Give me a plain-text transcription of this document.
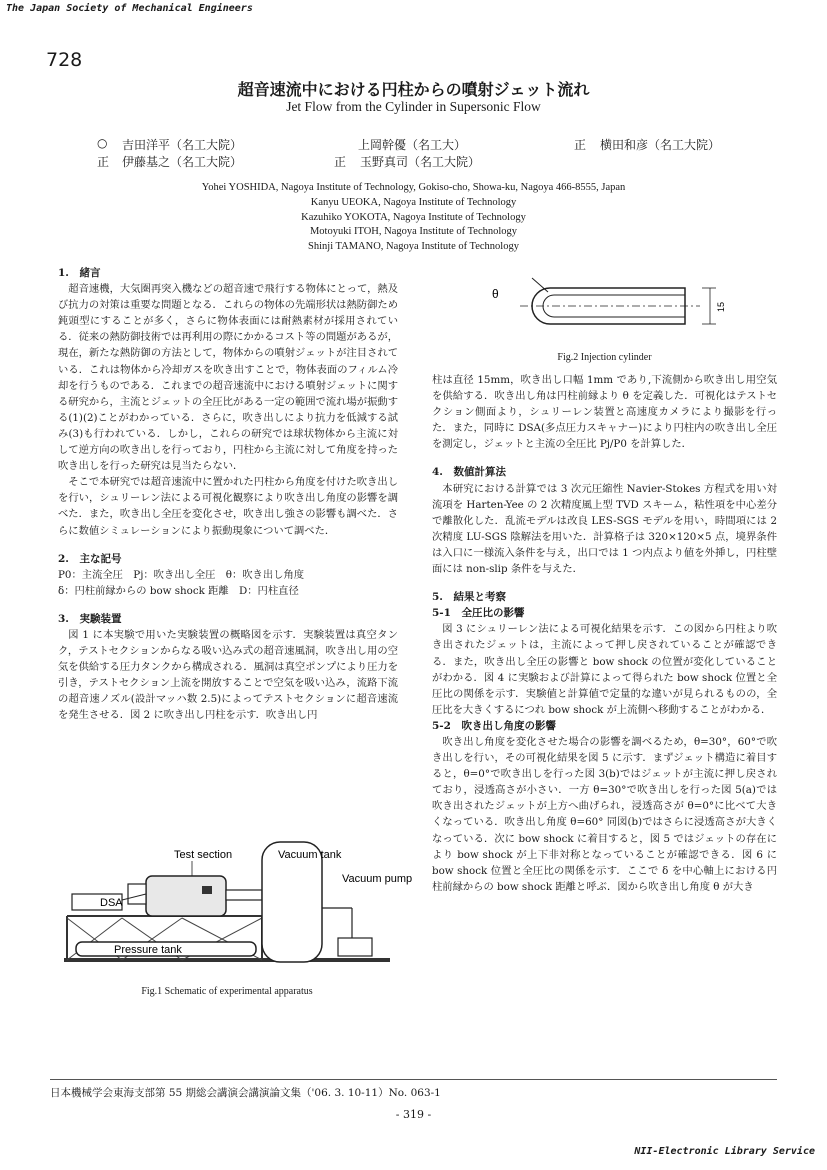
The Japan Society of Mechanical Engineers
728
超音速流中における円柱からの噴射ジェット流れ
Jet Flow from the Cylinder in Supersonic Flow
○ 吉田洋平（名工大院）	上岡幹優（名工大）	正 横田和彦（名工大院）
正 伊藤基之（名工大院）	正 玉野真司（名工大院）
Yohei YOSHIDA, Nagoya Institute of Technology, Gokiso-cho, Showa-ku, Nagoya 466-8555, Japan
Kanyu UEOKA, Nagoya Institute of Technology
Kazuhiko YOKOTA, Nagoya Institute of Technology
Motoyuki ITOH, Nagoya Institute of Technology
Shinji TAMANO, Nagoya Institute of Technology

1.　緒言

超音速機，大気圏再突入機などの超音速で飛行する物体にとって，熱及び抗力の対策は重要な問題となる．これらの物体の先端形状は熱防御ため鈍頭型にすることが多く，さらに物体表面には耐熱素材が採用されている．従来の熱防御技術では再利用の際にかかるコスト等の問題があるが，現在，新たな熱防御の方法として，物体からの噴射ジェットが注目されている．これは物体から冷却ガスを吹き出すことで，物体表面のフィルム冷却を行うものである．これまでの超音速流中における噴射ジェットに関する研究から，主流とジェットの全圧比がある一定の範囲で流れ場が振動する(1)(2)ことがわかっている．さらに，吹き出しにより抗力を低減する試み(3)も行われている．しかし，これらの研究では球状物体から主流に対して逆方向の吹き出しを行っており，円柱から主流に対して角度を持った吹き出しを行った研究は見当たらない．

そこで本研究では超音速流中に置かれた円柱から角度を付けた吹き出しを行い，シュリーレン法による可視化観察により吹き出し角度の影響を調べた．また，吹き出し全圧を変化させ，吹き出し強さの影響も調べた．さらに数値シミュレーションにより振動現象について調べた．

2.　主な記号

P0：主流全圧　Pj：吹き出し全圧　θ：吹き出し角度

δ：円柱前縁からの bow shock 距離　D：円柱直径

3.　実験装置

図 1 に本実験で用いた実験装置の概略図を示す．実験装置は真空タンク，テストセクションからなる吸い込み式の超音速風洞，吹き出し用の空気を供給する圧力タンクから構成される．風洞は真空ポンプにより圧力を引き，テストセクション上流を開放することで空気を吸い込み，流路下流の超音速ノズル(設計マッハ数 2.5)によってテストセクションに超音速流を発生させる．図 2 に吹き出し円柱を示す．吹き出し円

Test section	Vacuum tank
Vacuum pump
DSA
Pressure tank
Fig.1 Schematic of experimental apparatus
θ
15
Fig.2 Injection cylinder

柱は直径 15mm，吹き出し口幅 1mm であり,下流側から吹き出し用空気を供給する．吹き出し角は円柱前縁より θ を定義した．可視化はテストセクション側面より，シュリーレン装置と高速度カメラにより撮影を行った．また，同時に DSA(多点圧力スキャナー)により円柱内の吹き出し全圧を測定し，ジェットと主流の全圧比 Pj/P0 を計算した．

4.　数値計算法

本研究における計算では 3 次元圧縮性 Navier-Stokes 方程式を用い対流項を Harten-Yee の 2 次精度風上型 TVD スキーム，粘性項を中心差分で離散化した．乱流モデルは改良 LES-SGS モデルを用い，時間項には 2 次精度 LU-SGS 陰解法を用いた．計算格子は 320×120×5 点，境界条件は入口に一様流入条件を与え，出口では 1 つ内点より値を外挿し，円柱壁面には non-slip 条件を与えた．

5.　結果と考察

5-1　全圧比の影響

図 3 にシュリーレン法による可視化結果を示す．この図から円柱より吹き出されたジェットは，主流によって押し戻されていることが確認できる．また，吹き出し全圧の影響と bow shock の位置が変化していることがわかる．図 4 に実験および計算によって得られた bow shock 位置と全圧比の関係を示す．実験値と計算値で定量的な違いが見られるものの，全圧比を大きくするにつれ bow shock が上流側へ移動することがわかる．

5-2　吹き出し角度の影響

吹き出し角度を変化させた場合の影響を調べるため，θ=30°，60°で吹き出しを行い，その可視化結果を図 5 に示す．まずジェット構造に着目すると，θ=0°で吹き出しを行った図 3(b)ではジェットが主流に押し戻されており，浸透高さが小さい．一方 θ=30°で吹き出しを行った図 5(a)では吹き出されたジェットが上方へ曲げられ，浸透高さが θ=0°に比べて大きくなっている．吹き出し角度 θ=60° 同図(b)ではさらに浸透高さが大きくなっている．次に bow shock に着目すると，図 5 ではジェットの存在により bow shock が上下非対称となっていることが確認できる．図 6 に bow shock 位置と全圧比の関係を示す．ここで δ を中心軸上における円柱前縁からの bow shock 距離と呼ぶ．図から吹き出し角度 θ が大き

日本機械学会東海支部第 55 期総会講演会講演論文集（'06. 3. 10-11）No. 063-1
- 319 -
NII-Electronic Library Service
